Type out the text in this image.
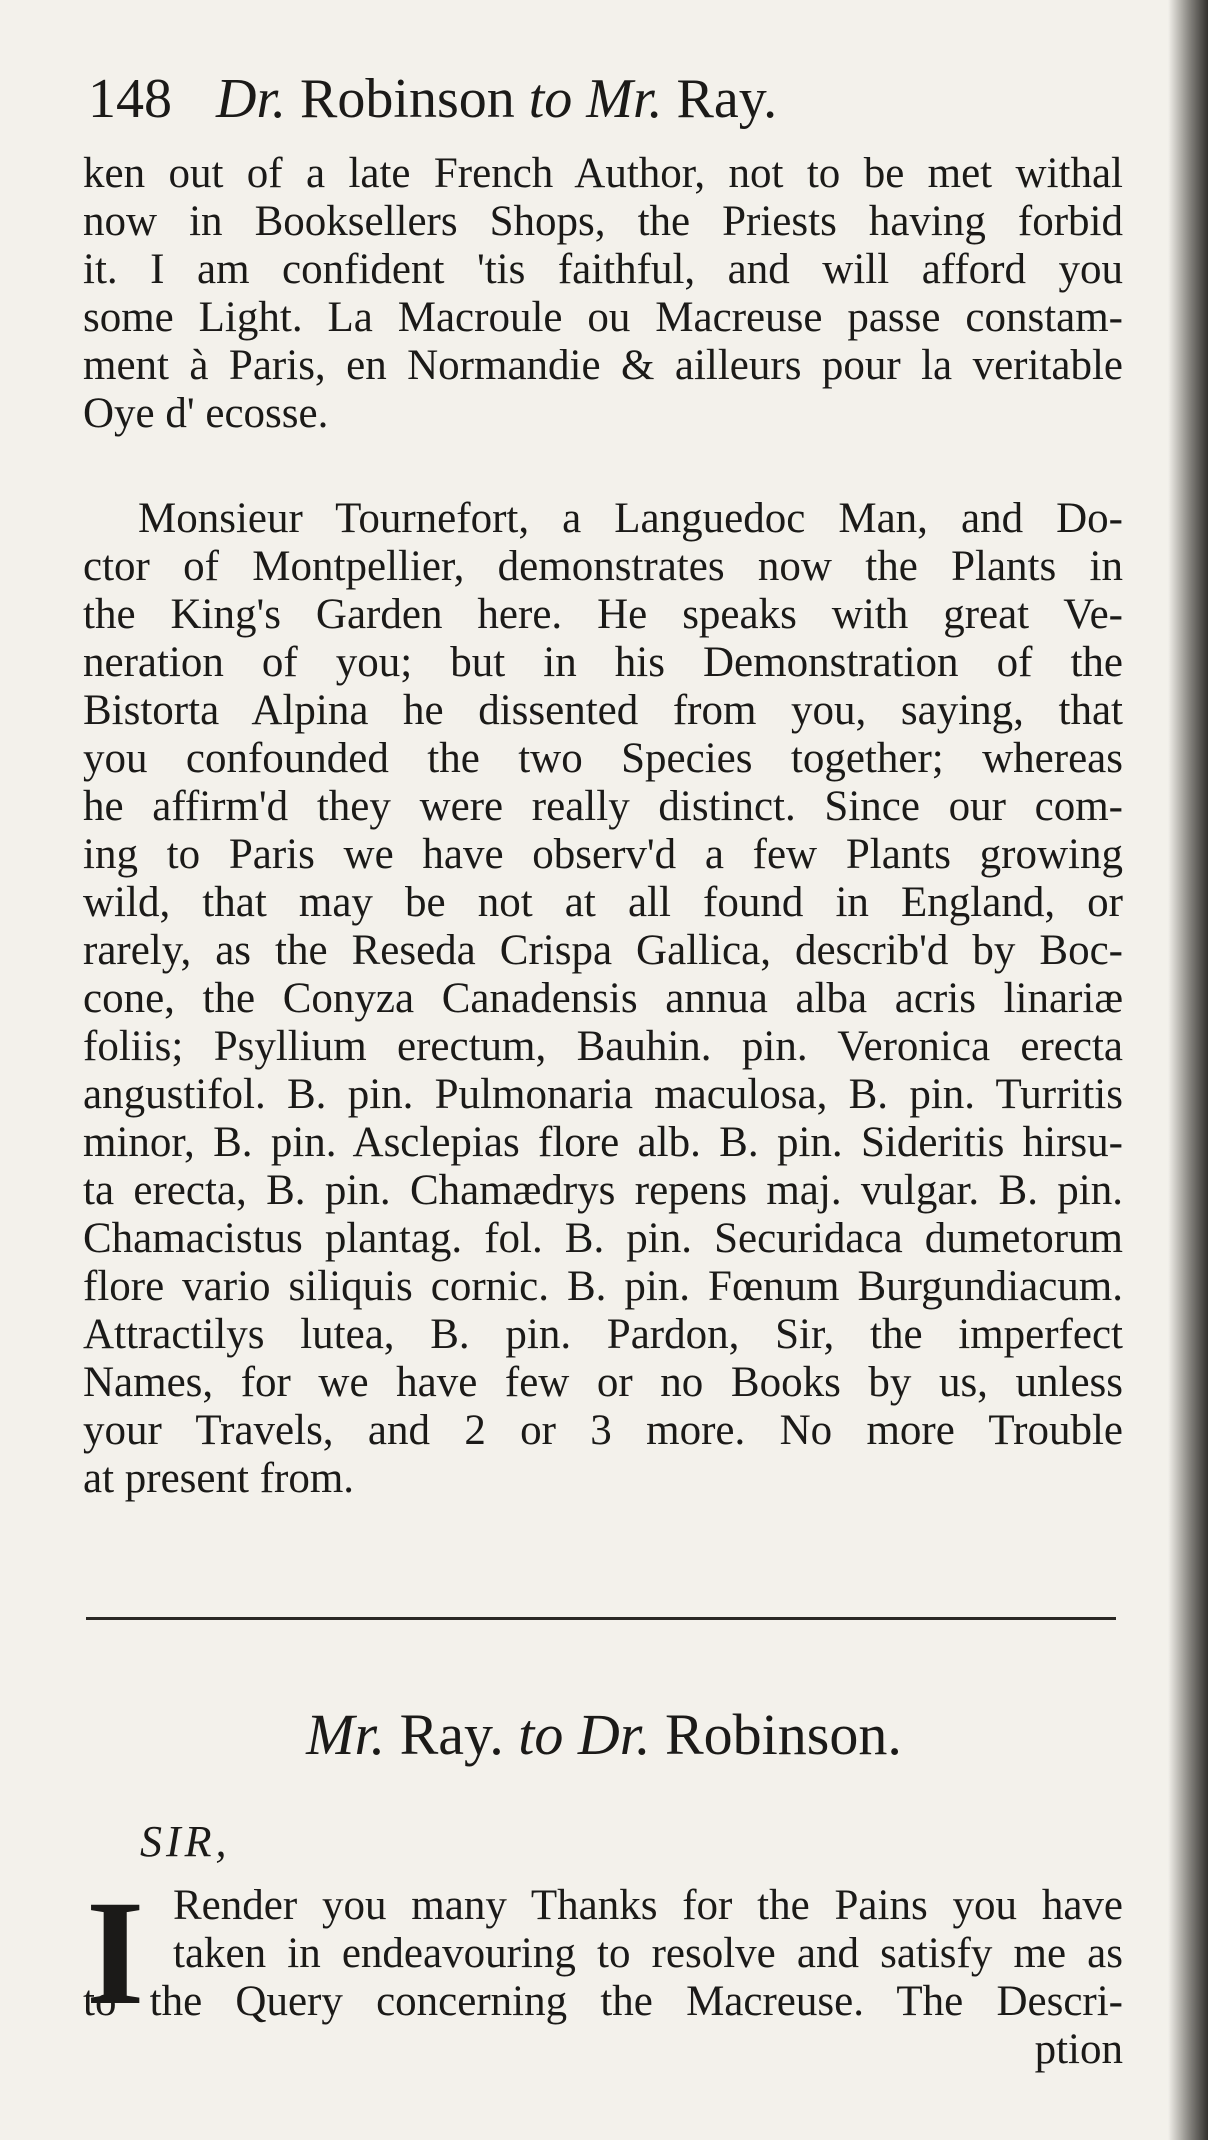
148 Dr. Robinson to Mr. Ray.
ken out of a late French Author, not to be met withal
now in Booksellers Shops, the Priests having forbid
it. I am confident 'tis faithful, and will afford you
some Light. La Macroule ou Macreuse passe constam-
ment à Paris, en Normandie & ailleurs pour la veritable
Oye d' ecosse.
Monsieur Tournefort, a Languedoc Man, and Do-
ctor of Montpellier, demonstrates now the Plants in
the King's Garden here. He speaks with great Ve-
neration of you; but in his Demonstration of the
Bistorta Alpina he dissented from you, saying, that
you confounded the two Species together; whereas
he affirm'd they were really distinct. Since our com-
ing to Paris we have observ'd a few Plants growing
wild, that may be not at all found in England, or
rarely, as the Reseda Crispa Gallica, describ'd by Boc-
cone, the Conyza Canadensis annua alba acris linariæ
foliis; Psyllium erectum, Bauhin. pin. Veronica erecta
angustifol. B. pin. Pulmonaria maculosa, B. pin. Turritis
minor, B. pin. Asclepias flore alb. B. pin. Sideritis hirsu-
ta erecta, B. pin. Chamædrys repens maj. vulgar. B. pin.
Chamacistus plantag. fol. B. pin. Securidaca dumetorum
flore vario siliquis cornic. B. pin. Fœnum Burgundiacum.
Attractilys lutea, B. pin. Pardon, Sir, the imperfect
Names, for we have few or no Books by us, unless
your Travels, and 2 or 3 more. No more Trouble
at present from.
Mr. Ray. to Dr. Robinson.
SIR,
I Render you many Thanks for the Pains you have
taken in endeavouring to resolve and satisfy me as
to the Query concerning the Macreuse. The Descri-
ption
